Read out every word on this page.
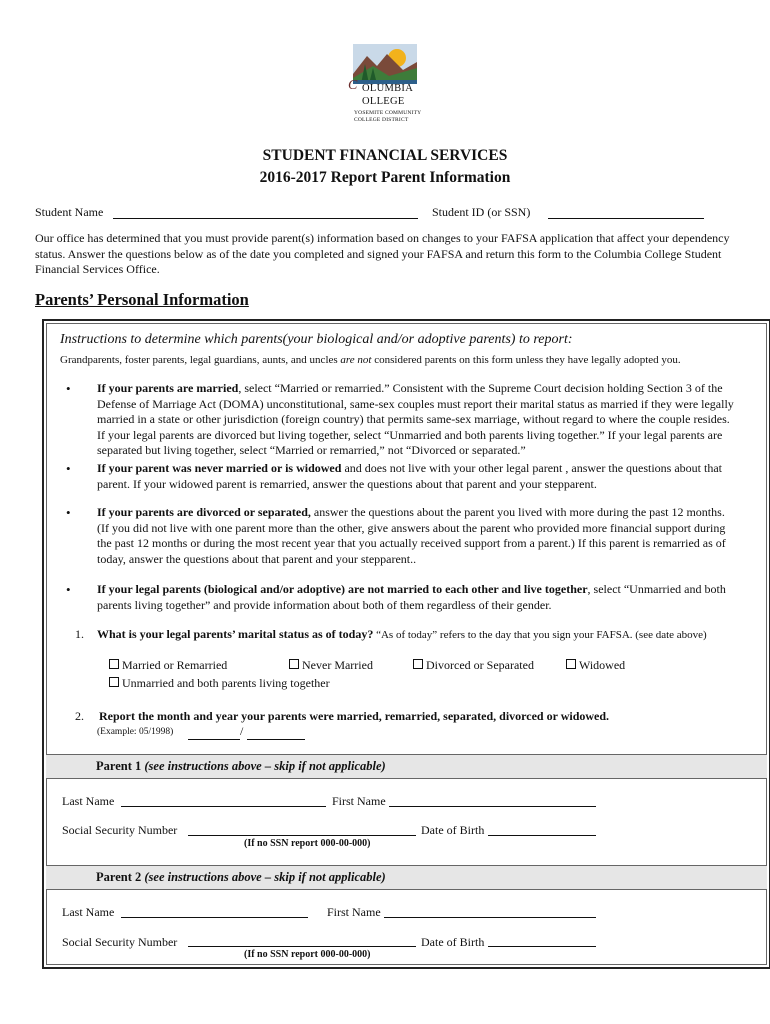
C OLUMBIA
OLLEGE
YOSEMITE COMMUNITY
COLLEGE DISTRICT
STUDENT FINANCIAL SERVICES
2016-2017 Report Parent Information
Student Name	Student ID (or SSN)
Our office has determined that you must provide parent(s) information based on changes to your FAFSA application that affect your dependency status. Answer the questions below as of the date you completed and signed your FAFSA and return this form to the Columbia College Student Financial Services Office.
Parents’ Personal Information
Instructions to determine which parents(your biological and/or adoptive parents) to report:
Grandparents, foster parents, legal guardians, aunts, and uncles are not considered parents on this form unless they have legally adopted you.
• If your parents are married, select “Married or remarried.” Consistent with the Supreme Court decision holding Section 3 of the Defense of Marriage Act (DOMA) unconstitutional, same-sex couples must report their marital status as married if they were legally married in a state or other jurisdiction (foreign country) that permits same-sex marriage, without regard to where the couple resides. If your legal parents are divorced but living together, select “Unmarried and both parents living together.” If your legal parents are separated but living together, select “Married or remarried,” not “Divorced or separated.”
• If your parent was never married or is widowed and does not live with your other legal parent , answer the questions about that parent. If your widowed parent is remarried, answer the questions about that parent and your stepparent.
• If your parents are divorced or separated, answer the questions about the parent you lived with more during the past 12 months. (If you did not live with one parent more than the other, give answers about the parent who provided more financial support during the past 12 months or during the most recent year that you actually received support from a parent.) If this parent is remarried as of today, answer the questions about that parent and your stepparent..
• If your legal parents (biological and/or adoptive) are not married to each other and live together, select “Unmarried and both parents living together” and provide information about both of them regardless of their gender.
1. What is your legal parents’ marital status as of today? “As of today” refers to the day that you sign your FAFSA. (see date above)
Married or Remarried	Never Married	Divorced or Separated	Widowed
Unmarried and both parents living together
2. Report the month and year your parents were married, remarried, separated, divorced or widowed.
(Example: 05/1998)	/
Parent 1 (see instructions above – skip if not applicable)
Last Name	First Name
Social Security Number	Date of Birth
(If no SSN report 000-00-000)
Parent 2 (see instructions above – skip if not applicable)
Last Name	First Name
Social Security Number	Date of Birth
(If no SSN report 000-00-000)
